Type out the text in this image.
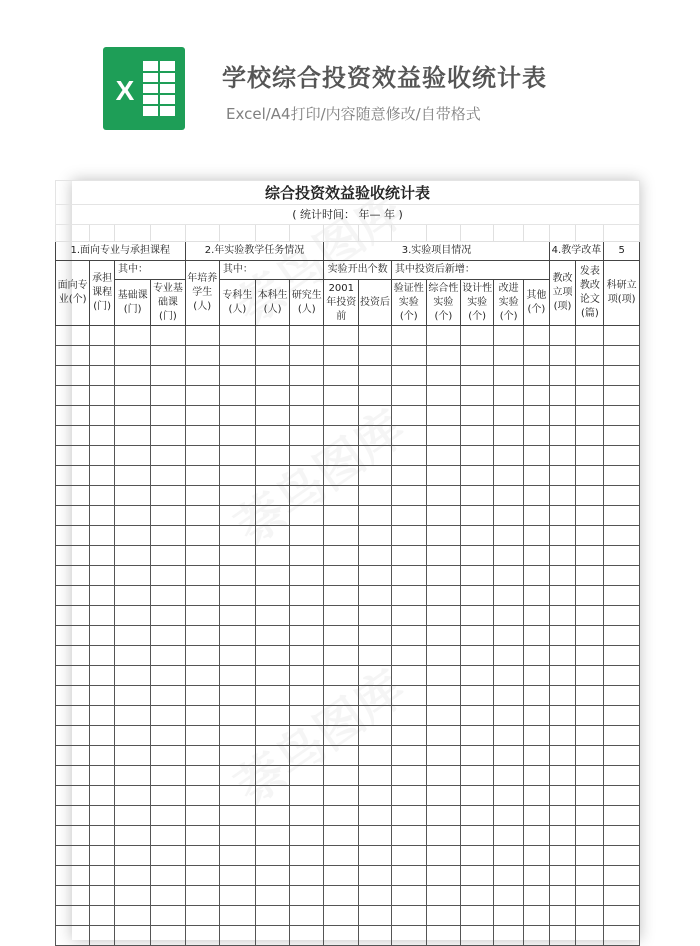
X	学校综合投资效益验收统计表
Excel/A4打印/内容随意修改/自带格式
综合投资效益验收统计表																	
( 统计时间： 年— 年 )																	

1.面向专业与承担课程				2.年实验教学任务情况				3.实验项目情况							4.教学改革		5
面向专业(个)	承担课程(门)	其中：		年培养学生(人)	其中：			实验开出个数		其中投资后新增：					教改立项(项)	发表教改论文(篇)	科研立项(项)
		基础课(门)	专业基础课(门)		专科生(人)	本科生(人)	研究生(人)	2001年投资前	投资后	验证性实验(个)	综合性实验(个)	设计性实验(个)	改进实验(个)	其他(个)			
